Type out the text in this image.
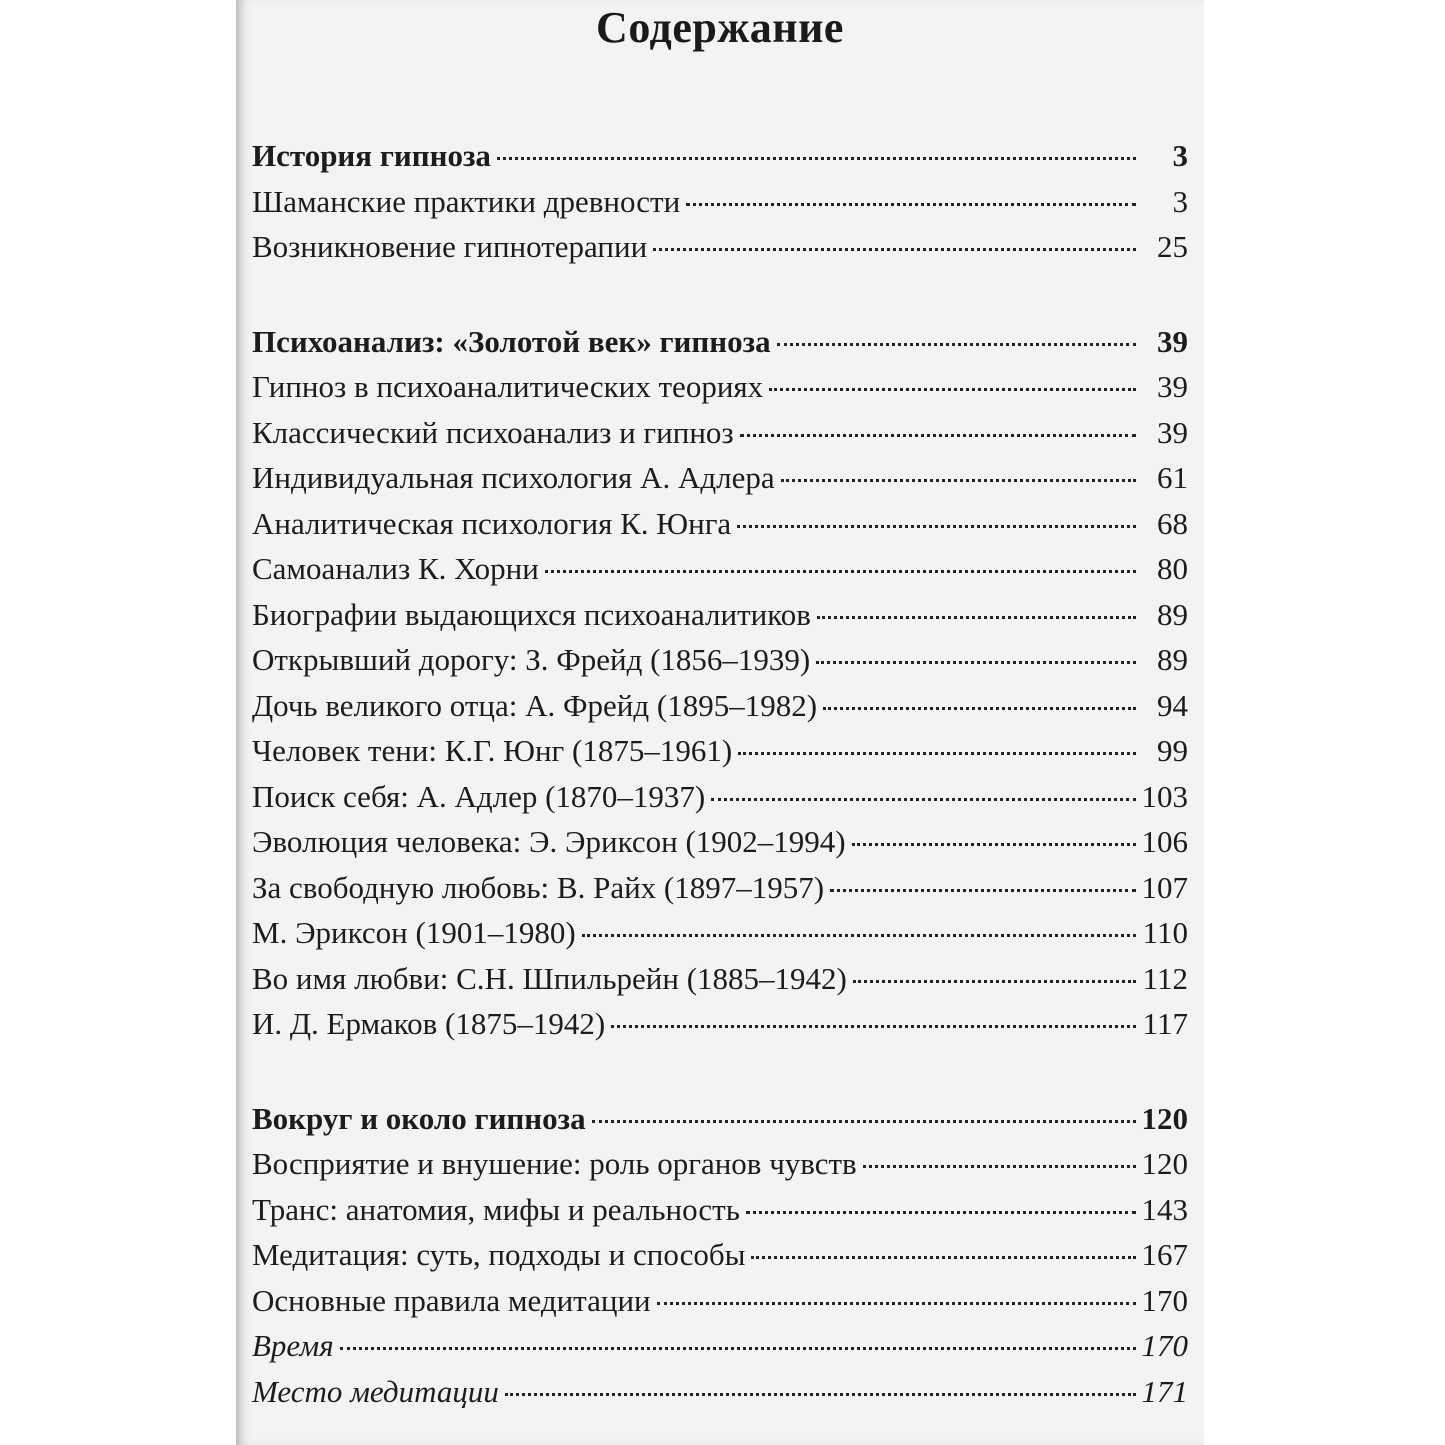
Содержание
История гипноза	3
Шаманские практики древности	3
Возникновение гипнотерапии	25
Психоанализ: «Золотой век» гипноза	39
Гипноз в психоаналитических теориях	39
Классический психоанализ и гипноз	39
Индивидуальная психология А. Адлера	61
Аналитическая психология К. Юнга	68
Самоанализ К. Хорни	80
Биографии выдающихся психоаналитиков	89
Открывший дорогу: З. Фрейд (1856–1939)	89
Дочь великого отца: А. Фрейд (1895–1982)	94
Человек тени: К.Г. Юнг (1875–1961)	99
Поиск себя: А. Адлер (1870–1937)	103
Эволюция человека: Э. Эриксон (1902–1994)	106
За свободную любовь: В. Райх (1897–1957)	107
М. Эриксон (1901–1980)	110
Во имя любви: С.Н. Шпильрейн (1885–1942)	112
И. Д. Ермаков (1875–1942)	117
Вокруг и около гипноза	120
Восприятие и внушение: роль органов чувств	120
Транс: анатомия, мифы и реальность	143
Медитация: суть, подходы и способы	167
Основные правила медитации	170
Время	170
Место медитации	171
